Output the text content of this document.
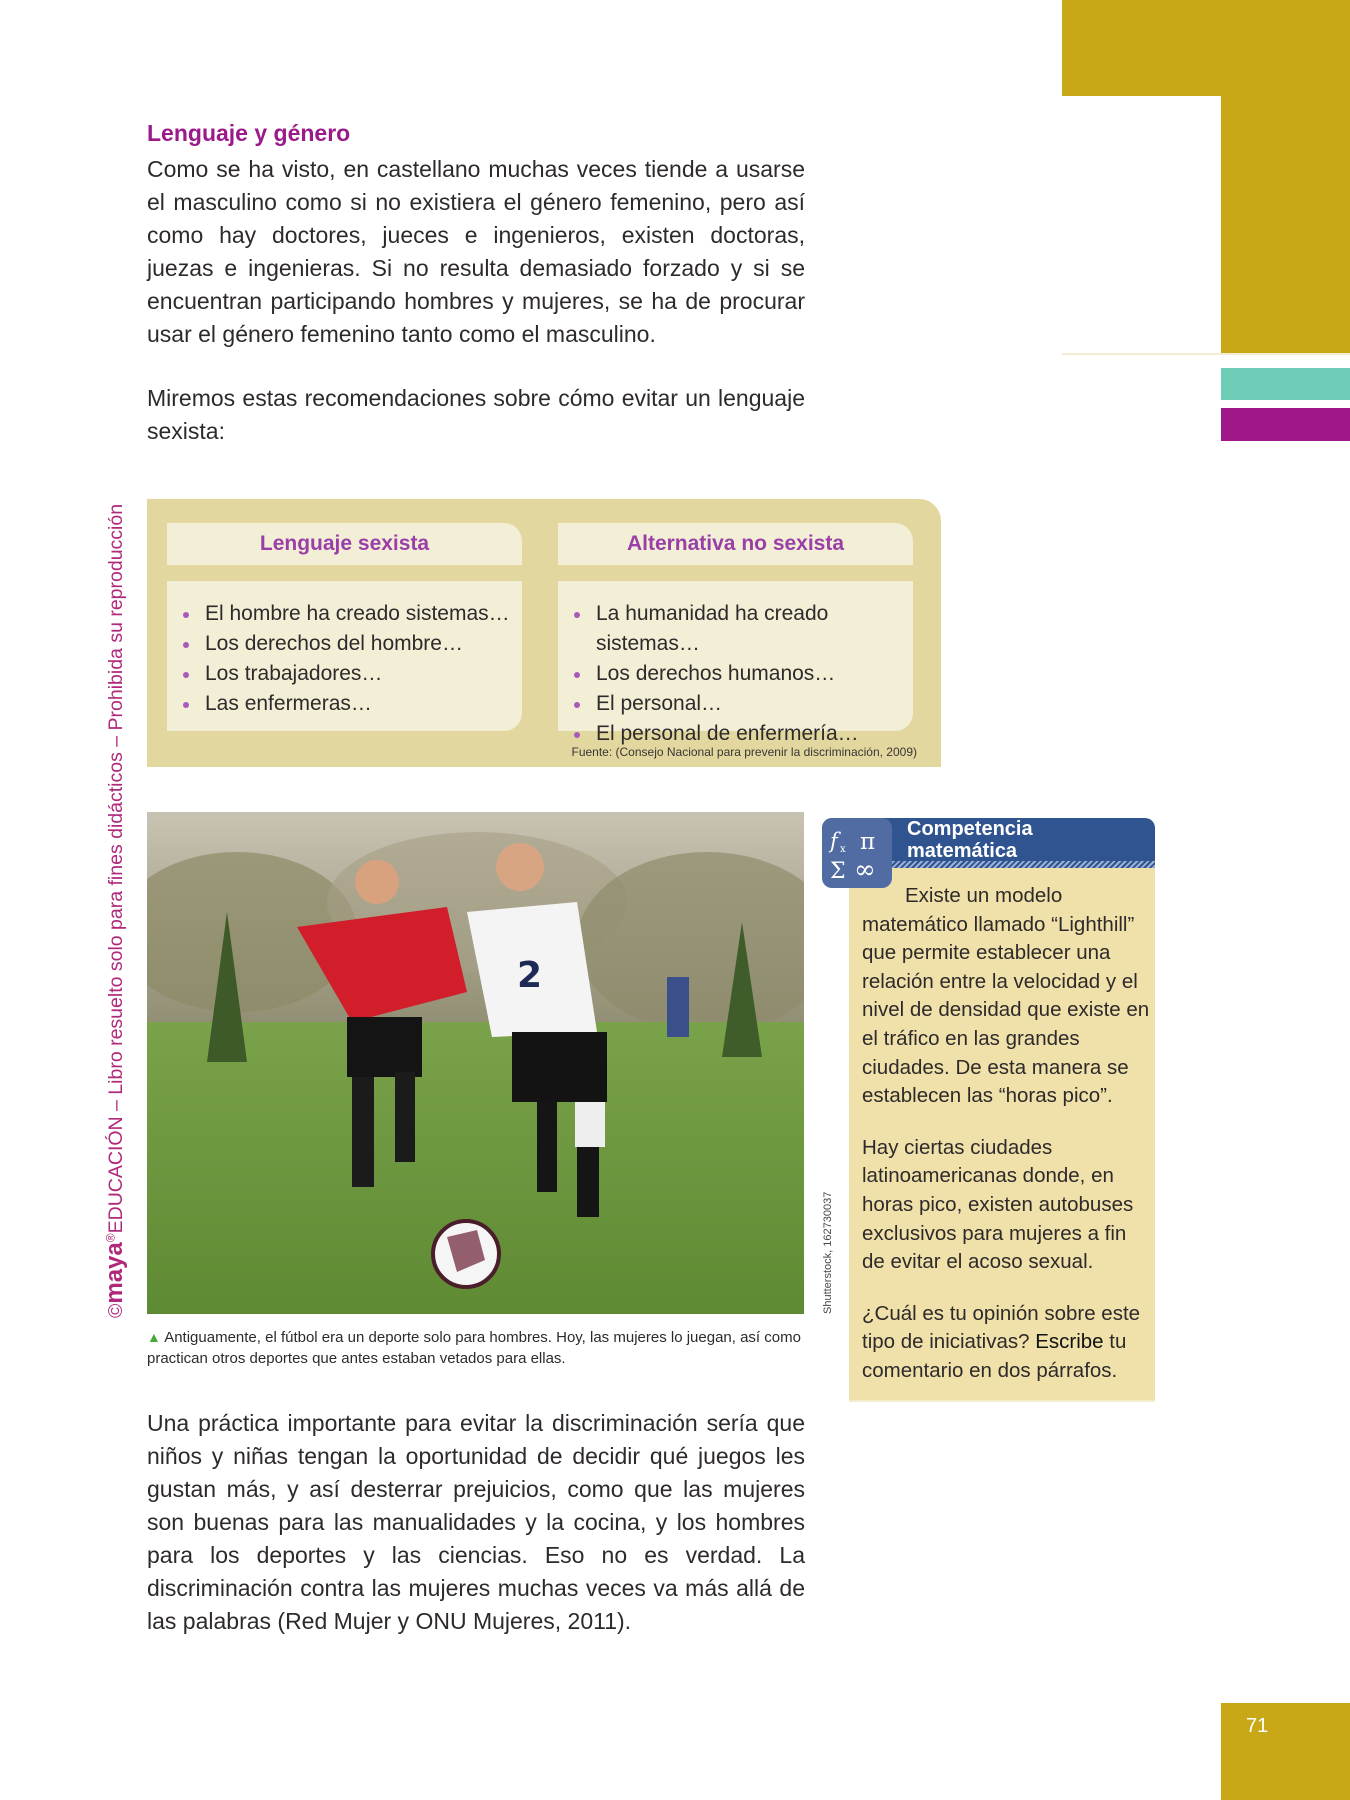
©maya®EDUCACIÓN – Libro resuelto solo para fines didácticos – Prohibida su reproducción
Lenguaje y género
Como se ha visto, en castellano muchas veces tiende a usarse el masculino como si no existiera el género femenino, pero así como hay doctores, jueces e ingenieros, existen doctoras, juezas e ingenieras. Si no resulta demasiado forzado y si se encuentran participando hombres y mujeres, se ha de procurar usar el género femenino tanto como el masculino.
Miremos estas recomendaciones sobre cómo evitar un lenguaje sexista:
Lenguaje sexista	Alternativa no sexista
El hombre ha creado sistemas…
Los derechos del hombre…
Los trabajadores…
Las enfermeras…
La humanidad ha creado sistemas…
Los derechos humanos…
El personal…
El personal de enfermería…
Fuente: (Consejo Nacional para prevenir la discriminación, 2009)
2
Shutterstock, 162730037
▲ Antiguamente, el fútbol era un deporte solo para hombres. Hoy, las mujeres lo juegan, así como practican otros deportes que antes estaban vetados para ellas.
Una práctica importante para evitar la discriminación sería que niños y niñas tengan la oportunidad de decidir qué juegos les gustan más, y así desterrar prejuicios, como que las mujeres son buenas para las manualidades y la cocina, y los hombres para los deportes y las ciencias. Eso no es verdad. La discriminación contra las mujeres muchas veces va más allá de las palabras (Red Mujer y ONU Mujeres, 2011).
f x π
Σ ∞
Competencia
matemática

Existe un modelo matemático llamado “Lighthill” que permite establecer una relación entre la velocidad y el nivel de densidad que existe en el tráfico en las grandes ciudades. De esta manera se establecen las “horas pico”.

Hay ciertas ciudades latinoamericanas donde, en horas pico, existen autobuses exclusivos para mujeres a fin de evitar el acoso sexual.

¿Cuál es tu opinión sobre este tipo de iniciativas? Escribe tu comentario en dos párrafos.

71
